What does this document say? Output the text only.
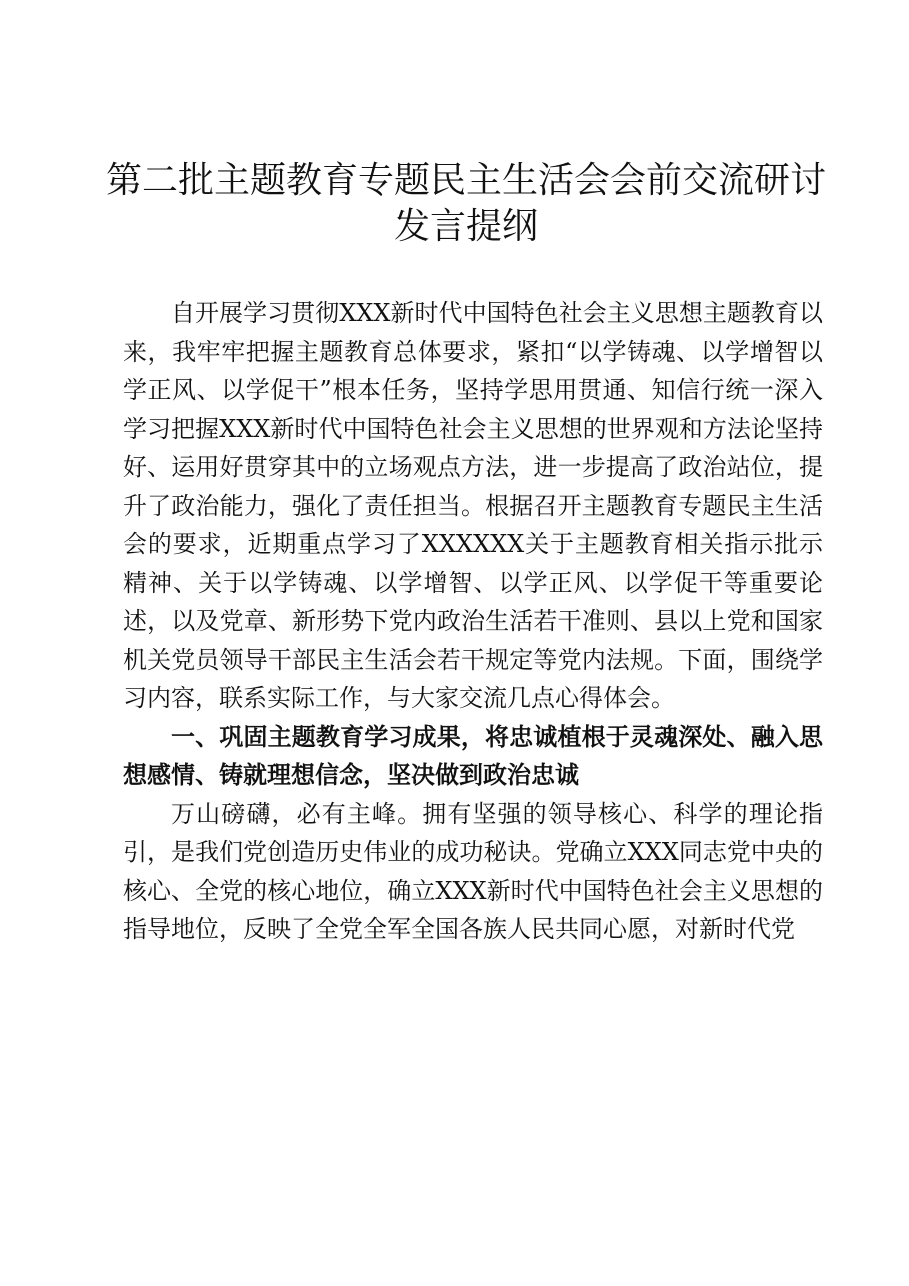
第二批主题教育专题民主生活会会前交流研讨发言提纲

自开展学习贯彻XXX新时代中国特色社会主义思想主题教育以来，我牢牢把握主题教育总体要求，紧扣“以学铸魂、以学增智以学正风、以学促干”根本任务，坚持学思用贯通、知信行统一深入学习把握XXX新时代中国特色社会主义思想的世界观和方法论坚持好、运用好贯穿其中的立场观点方法，进一步提高了政治站位，提升了政治能力，强化了责任担当。根据召开主题教育专题民主生活会的要求，近期重点学习了XXXXXX关于主题教育相关指示批示精神、关于以学铸魂、以学增智、以学正风、以学促干等重要论述，以及党章、新形势下党内政治生活若干准则、县以上党和国家机关党员领导干部民主生活会若干规定等党内法规。下面，围绕学习内容，联系实际工作，与大家交流几点心得体会。

一、巩固主题教育学习成果，将忠诚植根于灵魂深处、融入思想感情、铸就理想信念，坚决做到政治忠诚

万山磅礴，必有主峰。拥有坚强的领导核心、科学的理论指引，是我们党创造历史伟业的成功秘诀。党确立XXX同志党中央的核心、全党的核心地位，确立XXX新时代中国特色社会主义思想的指导地位，反映了全党全军全国各族人民共同心愿，对新时代党
